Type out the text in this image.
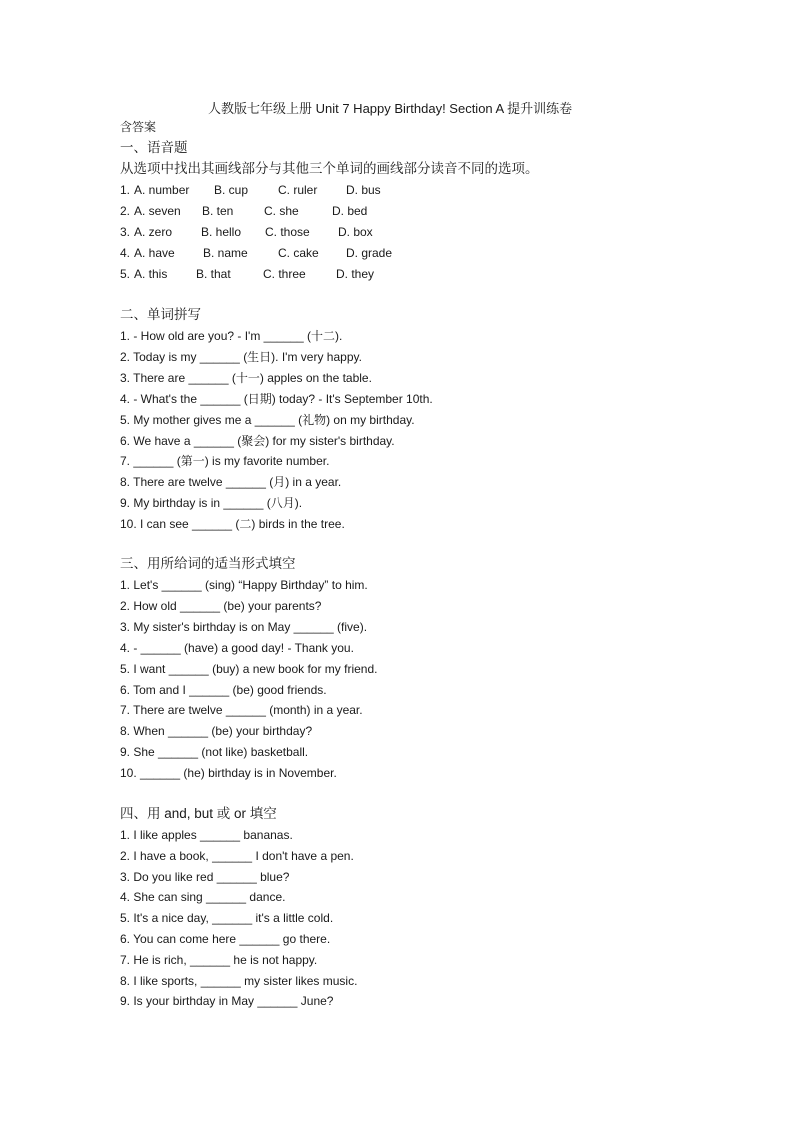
人教版七年级上册 Unit 7 Happy Birthday! Section A 提升训练卷
含答案
一、语音题
从选项中找出其画线部分与其他三个单词的画线部分读音不同的选项。
二、单词拼写
三、用所给词的适当形式填空
四、用 and, but 或 or 填空
1. A. number B. cup C. ruler D. bus
2. A. seven B. ten	C. she	D. bed
3. A. zero B. hello C. those D. box
4. A. have B. name	C. cake D. grade
5. A. this B. that	C. three	D. they
1. - How old are you? - I'm ______ (十二).
2. Today is my ______ (生日). I'm very happy.
3. There are ______ (十一) apples on the table.
4. - What's the ______ (日期) today? - It's September 10th.
5. My mother gives me a ______ (礼物) on my birthday.
6. We have a ______ (聚会) for my sister's birthday.
7. ______ (第一) is my favorite number.
8. There are twelve ______ (月) in a year.
9. My birthday is in ______ (八月).
10. I can see ______ (二) birds in the tree.
1. Let's ______ (sing) “Happy Birthday” to him.
2. How old ______ (be) your parents?
3. My sister's birthday is on May ______ (five).
4. - ______ (have) a good day! - Thank you.
5. I want ______ (buy) a new book for my friend.
6. Tom and I ______ (be) good friends.
7. There are twelve ______ (month) in a year.
8. When ______ (be) your birthday?
9. She ______ (not like) basketball.
10. ______ (he) birthday is in November.
1. I like apples ______ bananas.
2. I have a book, ______ I don't have a pen.
3. Do you like red ______ blue?
4. She can sing ______ dance.
5. It's a nice day, ______ it's a little cold.
6. You can come here ______ go there.
7. He is rich, ______ he is not happy.
8. I like sports, ______ my sister likes music.
9. Is your birthday in May ______ June?
